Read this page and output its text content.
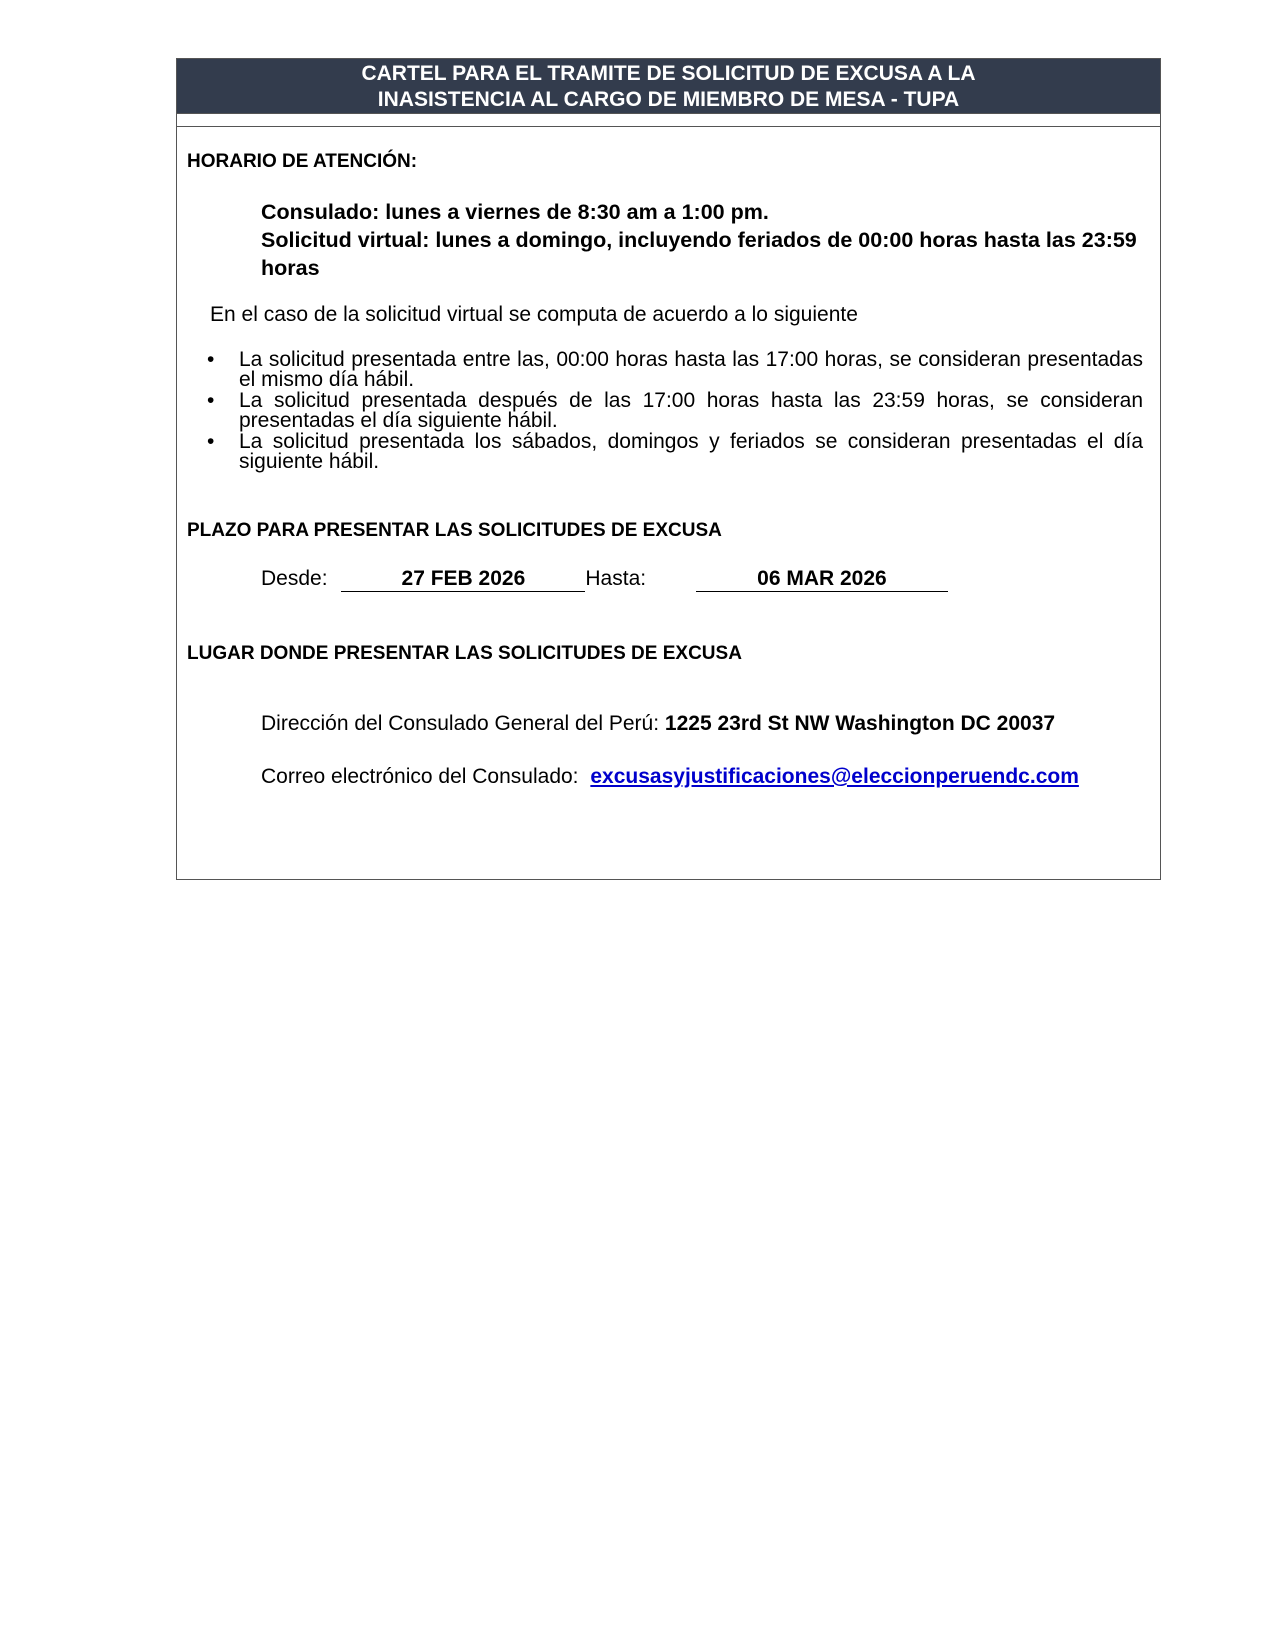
CARTEL PARA EL TRAMITE DE SOLICITUD DE EXCUSA A LA
INASISTENCIA AL CARGO DE MIEMBRO DE MESA - TUPA
HORARIO DE ATENCIÓN:
Consulado: lunes a viernes de 8:30 am a 1:00 pm.
Solicitud virtual: lunes a domingo, incluyendo feriados de 00:00 horas hasta las 23:59 horas
En el caso de la solicitud virtual se computa de acuerdo a lo siguiente
• La solicitud presentada entre las, 00:00 horas hasta las 17:00 horas, se consideran presentadas el mismo día hábil.
• La solicitud presentada después de las 17:00 horas hasta las 23:59 horas, se consideran presentadas el día siguiente hábil.
• La solicitud presentada los sábados, domingos y feriados se consideran presentadas el día siguiente hábil.
PLAZO PARA PRESENTAR LAS SOLICITUDES DE EXCUSA
Desde:	27 FEB 2026	Hasta:	06 MAR 2026
LUGAR DONDE PRESENTAR LAS SOLICITUDES DE EXCUSA
Dirección del Consulado General del Perú: 1225 23rd St NW Washington DC 20037
Correo electrónico del Consulado: excusasyjustificaciones@eleccionperuendc.com
